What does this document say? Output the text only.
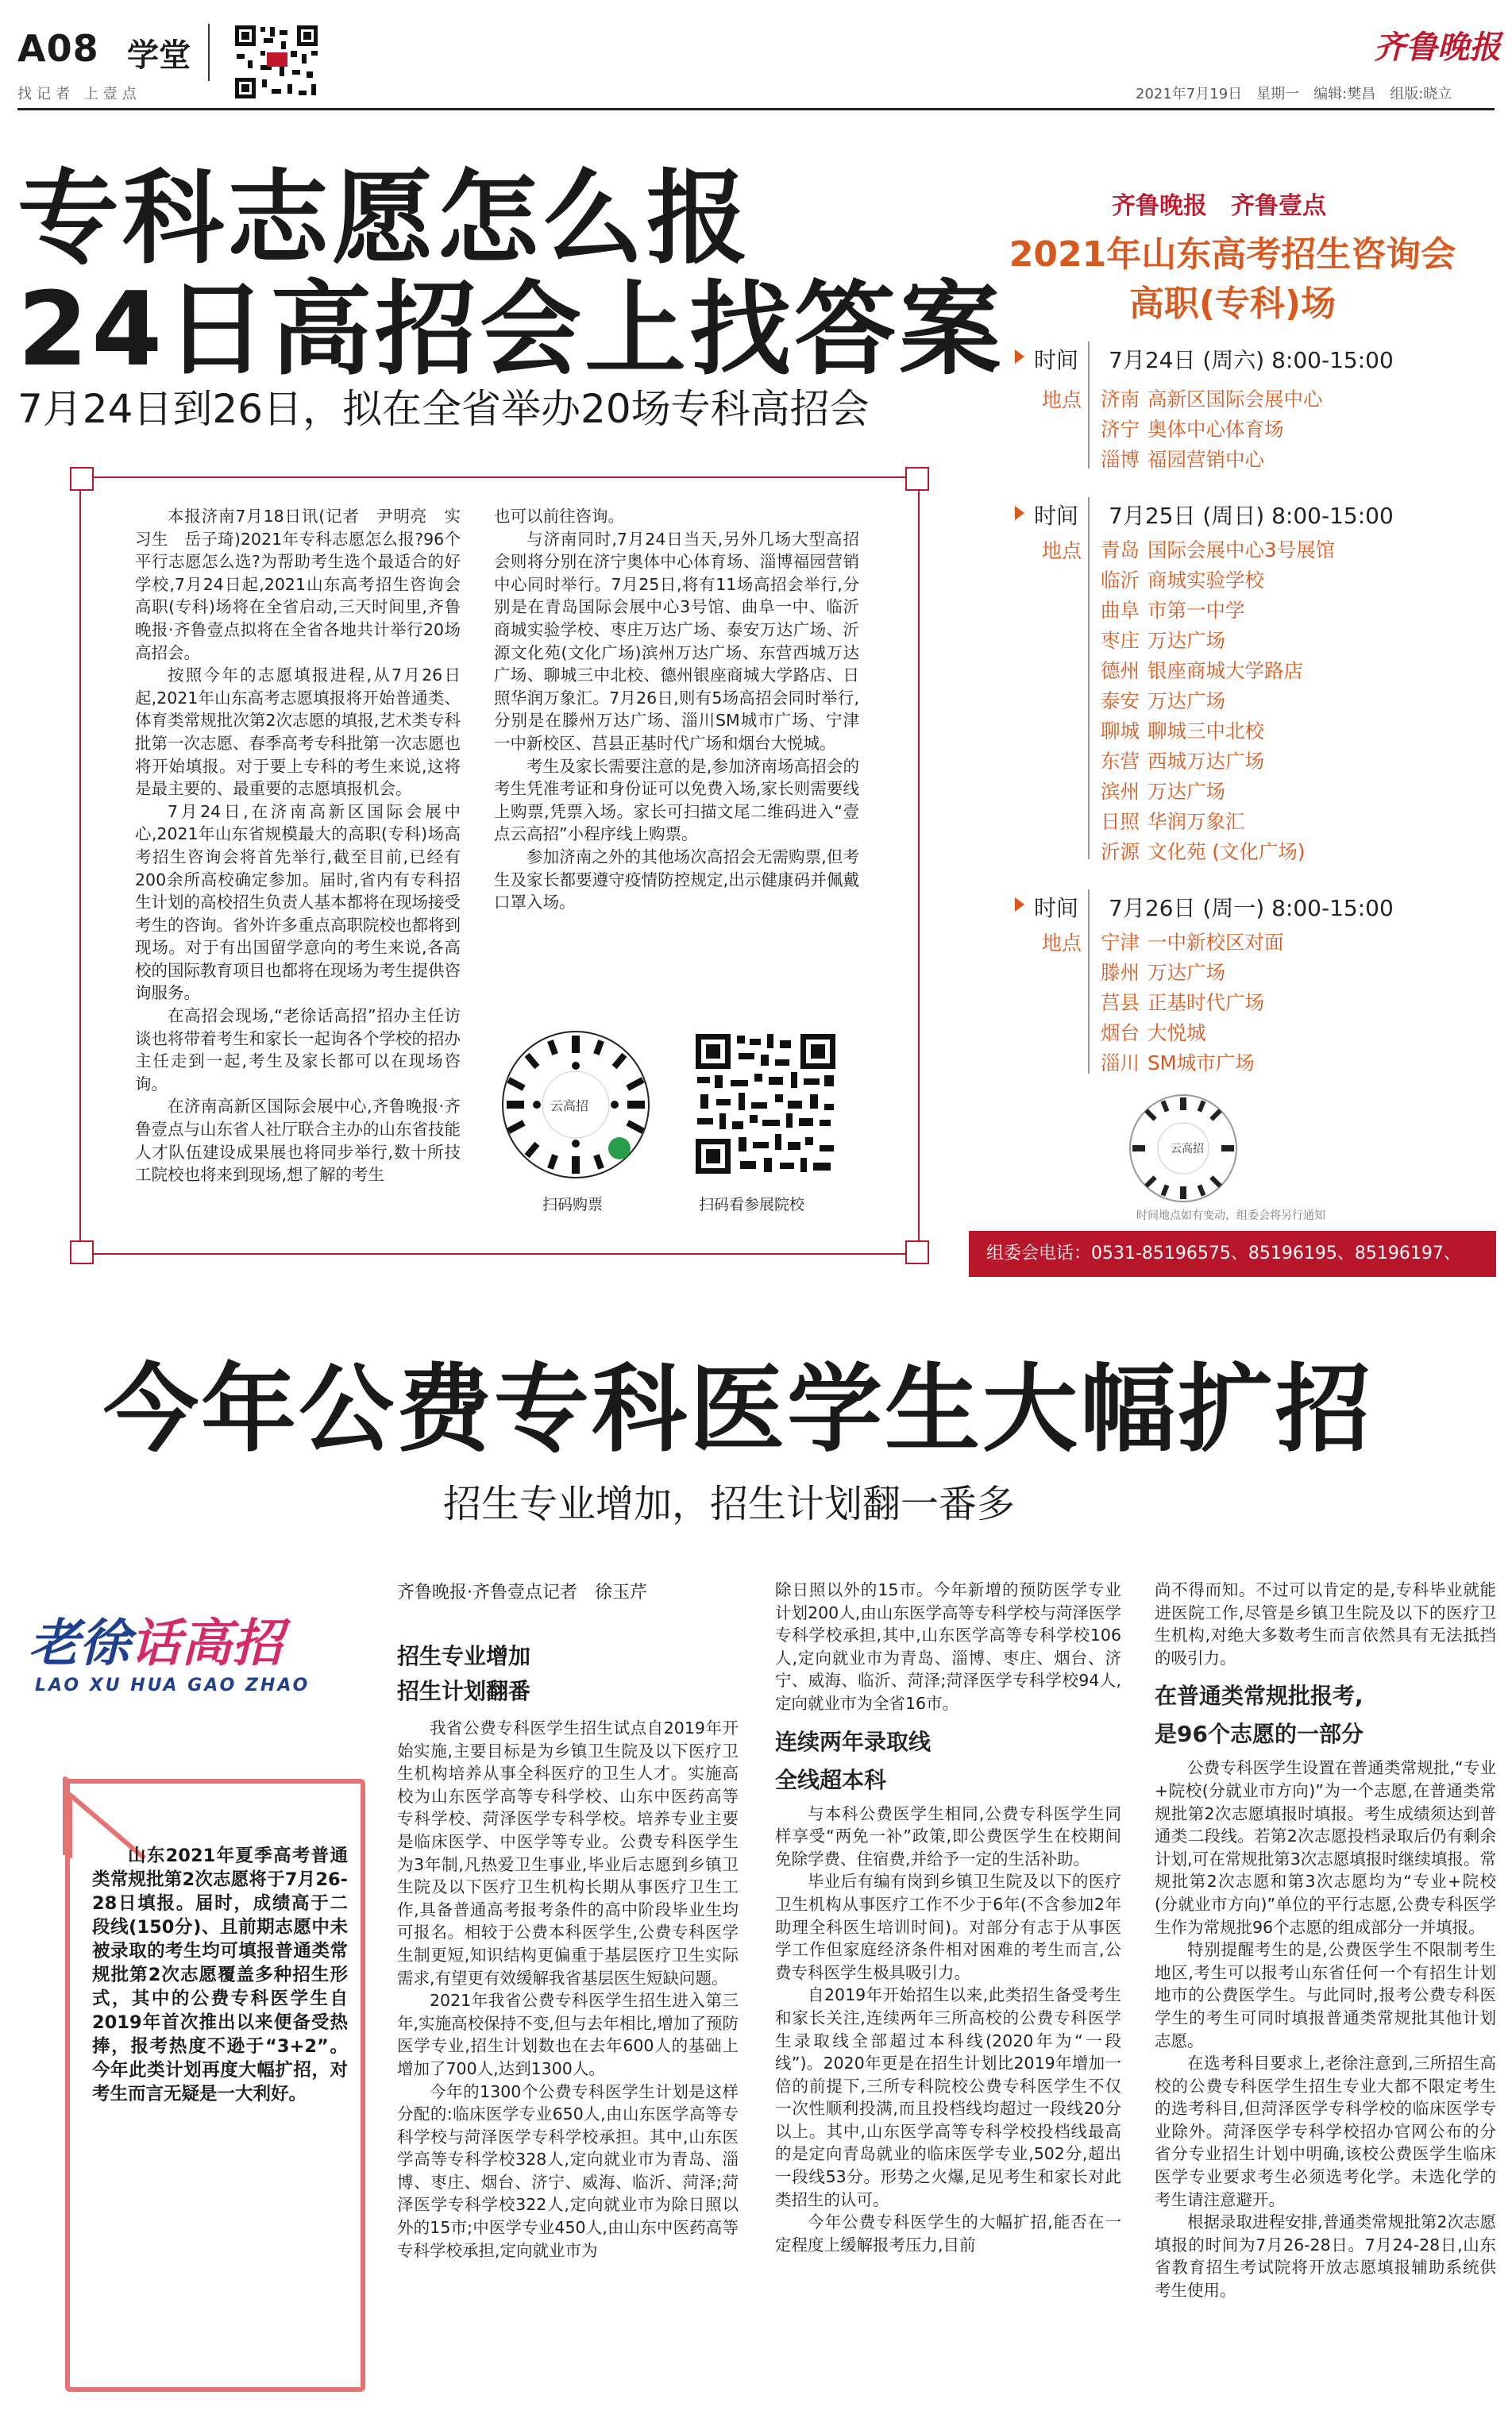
A08 学堂
找记者 上壹点
齐鲁晚报
2021年7月19日　星期一　编辑:樊昌　组版:晓立
专科志愿怎么报
24日高招会上找答案
7月24日到26日，拟在全省举办20场专科高招会

本报济南7月18日讯(记者　尹明亮　实习生　岳子琦)2021年专科志愿怎么报?96个平行志愿怎么选?为帮助考生选个最适合的好学校,7月24日起,2021山东高考招生咨询会高职(专科)场将在全省启动,三天时间里,齐鲁晚报·齐鲁壹点拟将在全省各地共计举行20场高招会。

按照今年的志愿填报进程,从7月26日起,2021年山东高考志愿填报将开始普通类、体育类常规批次第2次志愿的填报,艺术类专科批第一次志愿、春季高考专科批第一次志愿也将开始填报。对于要上专科的考生来说,这将是最主要的、最重要的志愿填报机会。

7月24日,在济南高新区国际会展中心,2021年山东省规模最大的高职(专科)场高考招生咨询会将首先举行,截至目前,已经有200余所高校确定参加。届时,省内有专科招生计划的高校招生负责人基本都将在现场接受考生的咨询。省外许多重点高职院校也都将到现场。对于有出国留学意向的考生来说,各高校的国际教育项目也都将在现场为考生提供咨询服务。

在高招会现场,“老徐话高招”招办主任访谈也将带着考生和家长一起询各个学校的招办主任走到一起,考生及家长都可以在现场咨询。

在济南高新区国际会展中心,齐鲁晚报·齐鲁壹点与山东省人社厅联合主办的山东省技能人才队伍建设成果展也将同步举行,数十所技工院校也将来到现场,想了解的考生

也可以前往咨询。

与济南同时,7月24日当天,另外几场大型高招会则将分别在济宁奥体中心体育场、淄博福园营销中心同时举行。7月25日,将有11场高招会举行,分别是在青岛国际会展中心3号馆、曲阜一中、临沂商城实验学校、枣庄万达广场、泰安万达广场、沂源文化苑(文化广场)滨州万达广场、东营西城万达广场、聊城三中北校、德州银座商城大学路店、日照华润万象汇。7月26日,则有5场高招会同时举行,分别是在滕州万达广场、淄川SM城市广场、宁津一中新校区、莒县正基时代广场和烟台大悦城。

考生及家长需要注意的是,参加济南场高招会的考生凭准考证和身份证可以免费入场,家长则需要线上购票,凭票入场。家长可扫描文尾二维码进入“壹点云高招”小程序线上购票。

参加济南之外的其他场次高招会无需购票,但考生及家长都要遵守疫情防控规定,出示健康码并佩戴口罩入场。

云高招
扫码购票	扫码看参展院校
齐鲁晚报　齐鲁壹点
2021年山东高考招生咨询会
高职(专科)场
时间 7月24日 (周六) 8:00-15:00
地点 济南 高新区国际会展中心
济宁 奥体中心体育场
淄博 福园营销中心
时间 7月25日 (周日) 8:00-15:00
地点 青岛 国际会展中心3号展馆
临沂 商城实验学校
曲阜 市第一中学
枣庄 万达广场
德州 银座商城大学路店
泰安 万达广场
聊城 聊城三中北校
东营 西城万达广场
滨州 万达广场
日照 华润万象汇
沂源 文化苑 (文化广场)
时间 7月26日 (周一) 8:00-15:00
地点 宁津 一中新校区对面
滕州 万达广场
莒县 正基时代广场
烟台 大悦城
淄川 SM城市广场
云高招
时间地点如有变动，组委会将另行通知
组委会电话：0531-85196575、85196195、85196197、85193855
今年公费专科医学生大幅扩招
招生专业增加，招生计划翻一番多
老徐话高招
LAO XU HUA GAO ZHAO
山东2021年夏季高考普通类常规批第2次志愿将于7月26-28日填报。届时，成绩高于二段线(150分)、且前期志愿中未被录取的考生均可填报普通类常规批第2次志愿覆盖多种招生形式，其中的公费专科医学生自2019年首次推出以来便备受热捧，报考热度不逊于“3+2”。今年此类计划再度大幅扩招，对考生而言无疑是一大利好。
齐鲁晚报·齐鲁壹点记者　徐玉芹
招生专业增加
招生计划翻番

我省公费专科医学生招生试点自2019年开始实施,主要目标是为乡镇卫生院及以下医疗卫生机构培养从事全科医疗的卫生人才。实施高校为山东医学高等专科学校、山东中医药高等专科学校、菏泽医学专科学校。培养专业主要是临床医学、中医学等专业。公费专科医学生为3年制,凡热爱卫生事业,毕业后志愿到乡镇卫生院及以下医疗卫生机构长期从事医疗卫生工作,具备普通高考报考条件的高中阶段毕业生均可报名。相较于公费本科医学生,公费专科医学生制更短,知识结构更偏重于基层医疗卫生实际需求,有望更有效缓解我省基层医生短缺问题。

2021年我省公费专科医学生招生进入第三年,实施高校保持不变,但与去年相比,增加了预防医学专业,招生计划数也在去年600人的基础上增加了700人,达到1300人。

今年的1300个公费专科医学生计划是这样分配的:临床医学专业650人,由山东医学高等专科学校与菏泽医学专科学校承担。其中,山东医学高等专科学校328人,定向就业市为青岛、淄博、枣庄、烟台、济宁、威海、临沂、菏泽;菏泽医学专科学校322人,定向就业市为除日照以外的15市;中医学专业450人,由山东中医药高等专科学校承担,定向就业市为

除日照以外的15市。今年新增的预防医学专业计划200人,由山东医学高等专科学校与菏泽医学专科学校承担,其中,山东医学高等专科学校106人,定向就业市为青岛、淄博、枣庄、烟台、济宁、威海、临沂、菏泽;菏泽医学专科学校94人,定向就业市为全省16市。

连续两年录取线
全线超本科

与本科公费医学生相同,公费专科医学生同样享受“两免一补”政策,即公费医学生在校期间免除学费、住宿费,并给予一定的生活补助。

毕业后有编有岗到乡镇卫生院及以下的医疗卫生机构从事医疗工作不少于6年(不含参加2年助理全科医生培训时间)。对部分有志于从事医学工作但家庭经济条件相对困难的考生而言,公费专科医学生极具吸引力。

自2019年开始招生以来,此类招生备受考生和家长关注,连续两年三所高校的公费专科医学生录取线全部超过本科线(2020年为“一段线”)。2020年更是在招生计划比2019年增加一倍的前提下,三所专科院校公费专科医学生不仅一次性顺利投满,而且投档线均超过一段线20分以上。其中,山东医学高等专科学校投档线最高的是定向青岛就业的临床医学专业,502分,超出一段线53分。形势之火爆,足见考生和家长对此类招生的认可。

今年公费专科医学生的大幅扩招,能否在一定程度上缓解报考压力,目前

尚不得而知。不过可以肯定的是,专科毕业就能进医院工作,尽管是乡镇卫生院及以下的医疗卫生机构,对绝大多数考生而言依然具有无法抵挡的吸引力。

在普通类常规批报考,
是96个志愿的一部分

公费专科医学生设置在普通类常规批,“专业+院校(分就业市方向)”为一个志愿,在普通类常规批第2次志愿填报时填报。考生成绩须达到普通类二段线。若第2次志愿投档录取后仍有剩余计划,可在常规批第3次志愿填报时继续填报。常规批第2次志愿和第3次志愿均为“专业+院校(分就业市方向)”单位的平行志愿,公费专科医学生作为常规批96个志愿的组成部分一并填报。

特别提醒考生的是,公费医学生不限制考生地区,考生可以报考山东省任何一个有招生计划地市的公费医学生。与此同时,报考公费专科医学生的考生可同时填报普通类常规批其他计划志愿。

在选考科目要求上,老徐注意到,三所招生高校的公费专科医学生招生专业大都不限定考生的选考科目,但菏泽医学专科学校的临床医学专业除外。菏泽医学专科学校招办官网公布的分省分专业招生计划中明确,该校公费医学生临床医学专业要求考生必须选考化学。未选化学的考生请注意避开。

根据录取进程安排,普通类常规批第2次志愿填报的时间为7月26-28日。7月24-28日,山东省教育招生考试院将开放志愿填报辅助系统供考生使用。
